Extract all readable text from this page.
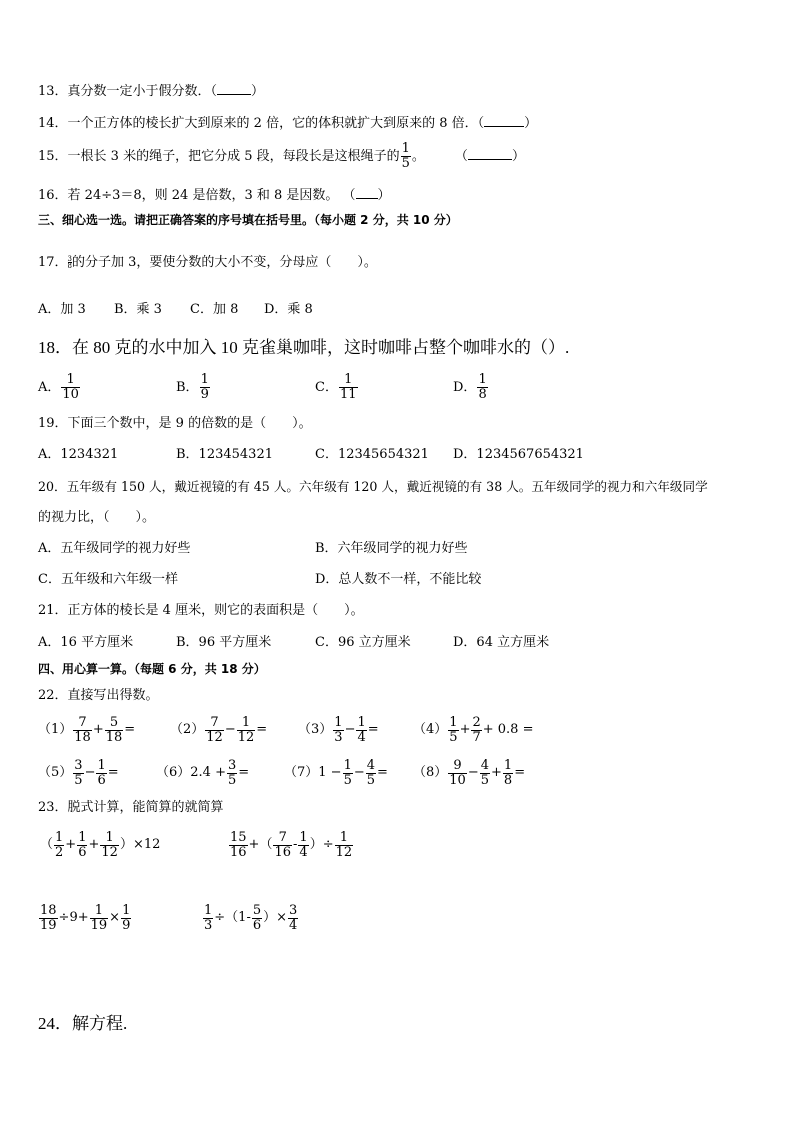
13．真分数一定小于假分数．（	）
14．一个正方体的棱长扩大到原来的 2 倍，它的体积就扩大到原来的 8 倍．（	）
15．一根长 3 米的绳子，把它分成 5 段，每段长是这根绳子的 $\frac{1}{5}$ 。 （	）
16．若 24÷3＝8，则 24 是倍数，3 和 8 是因数。 （ ）
三、细心选一选。请把正确答案的序号填在括号里。（每小题 2 分，共 10 分）
17． $\frac{3}{8}$ 的分子加 3，要使分数的大小不变，分母应（　　）。
A．加 3 B．乘 3 C．加 8 D．乘 8
18．在 80 克的水中加入 10 克雀巢咖啡，这时咖啡占整个咖啡水的（）.
A． $\frac{1}{10}$	B． $\frac{1}{9}$	C． $\frac{1}{11}$	D． $\frac{1}{8}$
19．下面三个数中，是 9 的倍数的是（　　）。
A．1234321	B．123454321	C．12345654321 D．1234567654321
20．五年级有 150 人，戴近视镜的有 45 人。六年级有 120 人，戴近视镜的有 38 人。五年级同学的视力和六年级同学
的视力比，（　　）。
A．五年级同学的视力好些	B．六年级同学的视力好些
C．五年级和六年级一样	D．总人数不一样，不能比较
21．正方体的棱长是 4 厘米，则它的表面积是（　　）。
A．16 平方厘米	B．96 平方厘米	C．96 立方厘米	D．64 立方厘米
四、用心算一算。（每题 6 分，共 18 分）
22．直接写出得数。
$(1) \frac{7}{18} + \frac{5}{18}$ =	$(2) \frac{7}{12} - \frac{1}{12} = (3) \frac{1}{3} - \frac{1}{4}$ =	$(4) \frac{1}{5} + \frac{2}{7} + 0.8$ =
$(5) \frac{3}{5} - \frac{1}{6}$ =	$(6)2.4 + \frac{3}{5}$ =	$(7)1 - \frac{1}{5} - \frac{4}{5} = (8) \frac{9}{10} - \frac{4}{5} + \frac{1}{8}$ =
23．脱式计算，能简算的就简算
（ $\frac{1}{2} + \frac{1}{6} + \frac{1}{12} )\times 12$	$\frac{15}{16}$ +（ $\frac{7}{16} - \frac{1}{4}$ ）÷ $\frac{1}{12}$
$\frac{18}{19} \div 9+ \frac{1}{19} \times \frac{1}{9}$	$\frac{1}{3} \div(1- \frac{5}{6}$ ）× $\frac{3}{4}$
24．解方程.
